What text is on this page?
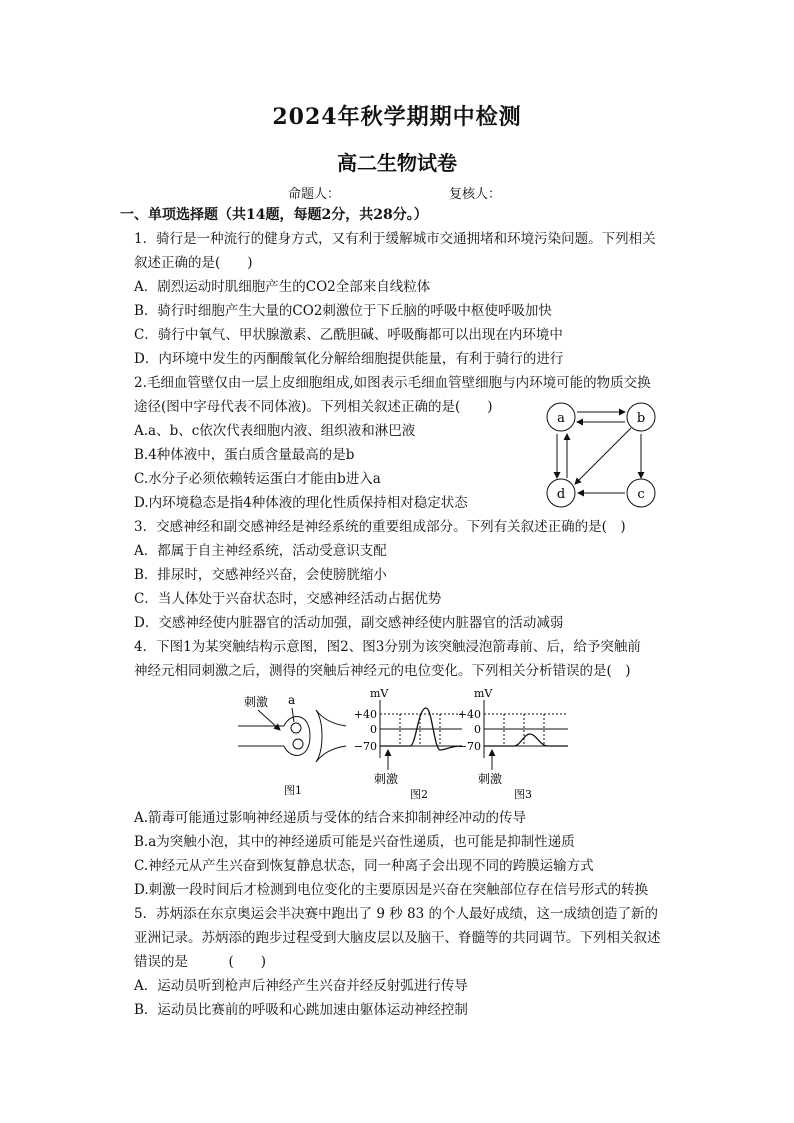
2024年秋学期期中检测
高二生物试卷
命题人：	复核人：
一、单项选择题（共14题，每题2分，共28分。）
1．骑行是一种流行的健身方式，又有利于缓解城市交通拥堵和环境污染问题。下列相关
叙述正确的是(　　)
A．剧烈运动时肌细胞产生的CO2全部来自线粒体
B．骑行时细胞产生大量的CO2刺激位于下丘脑的呼吸中枢使呼吸加快
C．骑行中氧气、甲状腺激素、乙酰胆碱、呼吸酶都可以出现在内环境中
D．内环境中发生的丙酮酸氧化分解给细胞提供能量，有利于骑行的进行
2.毛细血管壁仅由一层上皮细胞组成,如图表示毛细血管壁细胞与内环境可能的物质交换
途径(图中字母代表不同体液)。下列相关叙述正确的是(　　)
A.a、b、c依次代表细胞内液、组织液和淋巴液
B.4种体液中，蛋白质含量最高的是b
C.水分子必须依赖转运蛋白才能由b进入a
D.内环境稳态是指4种体液的理化性质保持相对稳定状态
a	b
d	c
3．交感神经和副交感神经是神经系统的重要组成部分。下列有关叙述正确的是(　)
A．都属于自主神经系统，活动受意识支配
B．排尿时，交感神经兴奋，会使膀胱缩小
C．当人体处于兴奋状态时，交感神经活动占据优势
D．交感神经使内脏器官的活动加强，副交感神经使内脏器官的活动减弱
4．下图1为某突触结构示意图，图2、图3分别为该突触浸泡箭毒前、后，给予突触前
神经元相同刺激之后，测得的突触后神经元的电位变化。下列相关分析错误的是(　)
刺激 a
图1
mV
+40
0
−70
刺激
图2
mV
+40
0
−70
刺激
图3
A.箭毒可能通过影响神经递质与受体的结合来抑制神经冲动的传导
B.a为突触小泡，其中的神经递质可能是兴奋性递质，也可能是抑制性递质
C.神经元从产生兴奋到恢复静息状态，同一种离子会出现不同的跨膜运输方式
D.刺激一段时间后才检测到电位变化的主要原因是兴奋在突触部位存在信号形式的转换
5．苏炳添在东京奥运会半决赛中跑出了 9 秒 83 的个人最好成绩，这一成绩创造了新的
亚洲记录。苏炳添的跑步过程受到大脑皮层以及脑干、脊髓等的共同调节。下列相关叙述
错误的是　　　(　　)
A．运动员听到枪声后神经产生兴奋并经反射弧进行传导
B．运动员比赛前的呼吸和心跳加速由躯体运动神经控制
